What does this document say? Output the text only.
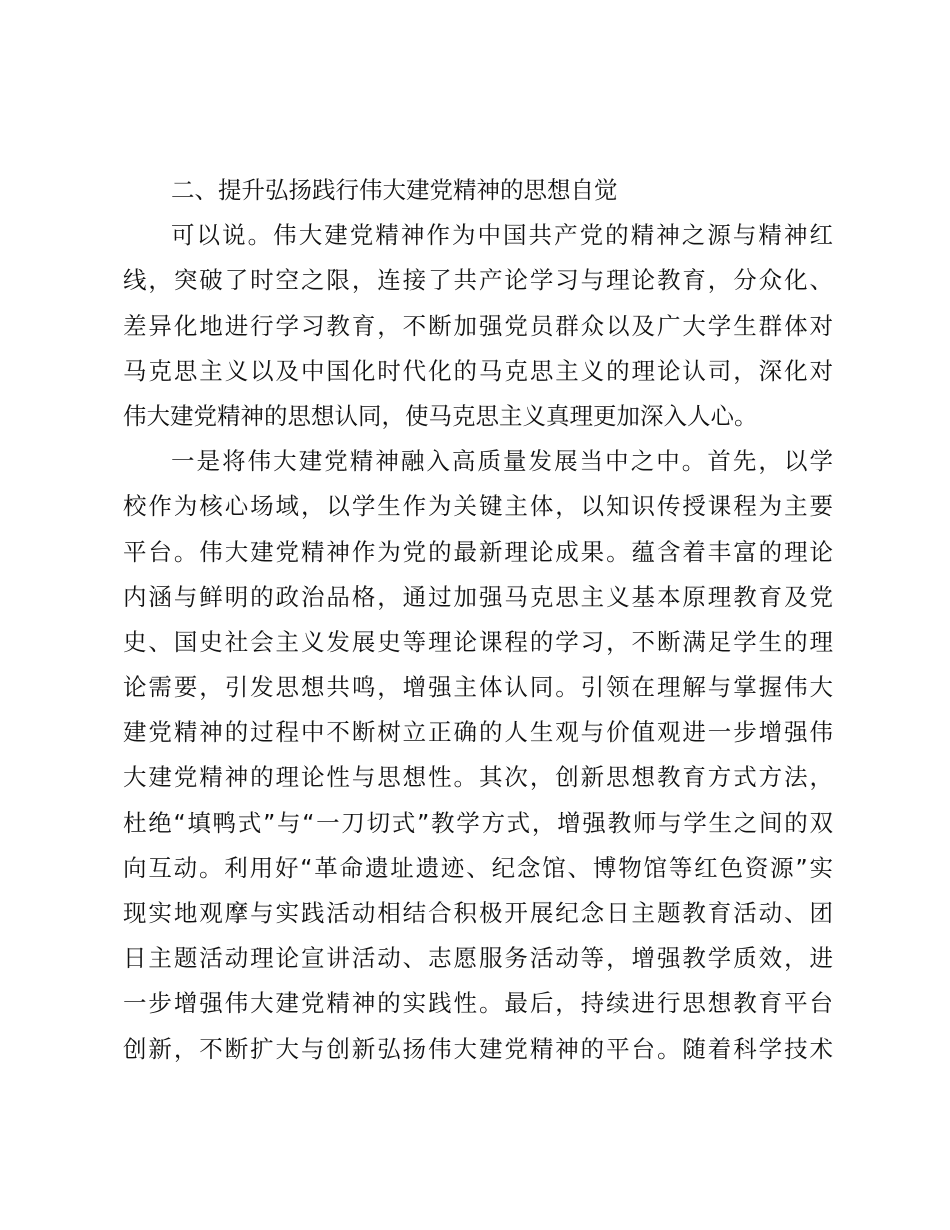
二、提升弘扬践行伟大建党精神的思想自觉
可以说。伟大建党精神作为中国共产党的精神之源与精神红
线，突破了时空之限，连接了共产论学习与理论教育，分众化、
差异化地进行学习教育，不断加强党员群众以及广大学生群体对
马克思主义以及中国化时代化的马克思主义的理论认司，深化对
伟大建党精神的思想认同，使马克思主义真理更加深入人心。
一是将伟大建党精神融入高质量发展当中之中。首先，以学
校作为核心场域，以学生作为关键主体，以知识传授课程为主要
平台。伟大建党精神作为党的最新理论成果。蕴含着丰富的理论
内涵与鲜明的政治品格，通过加强马克思主义基本原理教育及党
史、国史社会主义发展史等理论课程的学习，不断满足学生的理
论需要，引发思想共鸣，增强主体认同。引领在理解与掌握伟大
建党精神的过程中不断树立正确的人生观与价值观进一步增强伟
大建党精神的理论性与思想性。其次，创新思想教育方式方法，
杜绝“填鸭式”与“一刀切式”教学方式，增强教师与学生之间的双
向互动。利用好“革命遗址遗迹、纪念馆、博物馆等红色资源”实
现实地观摩与实践活动相结合积极开展纪念日主题教育活动、团
日主题活动理论宣讲活动、志愿服务活动等，增强教学质效，进
一步增强伟大建党精神的实践性。最后，持续进行思想教育平台
创新，不断扩大与创新弘扬伟大建党精神的平台。随着科学技术
